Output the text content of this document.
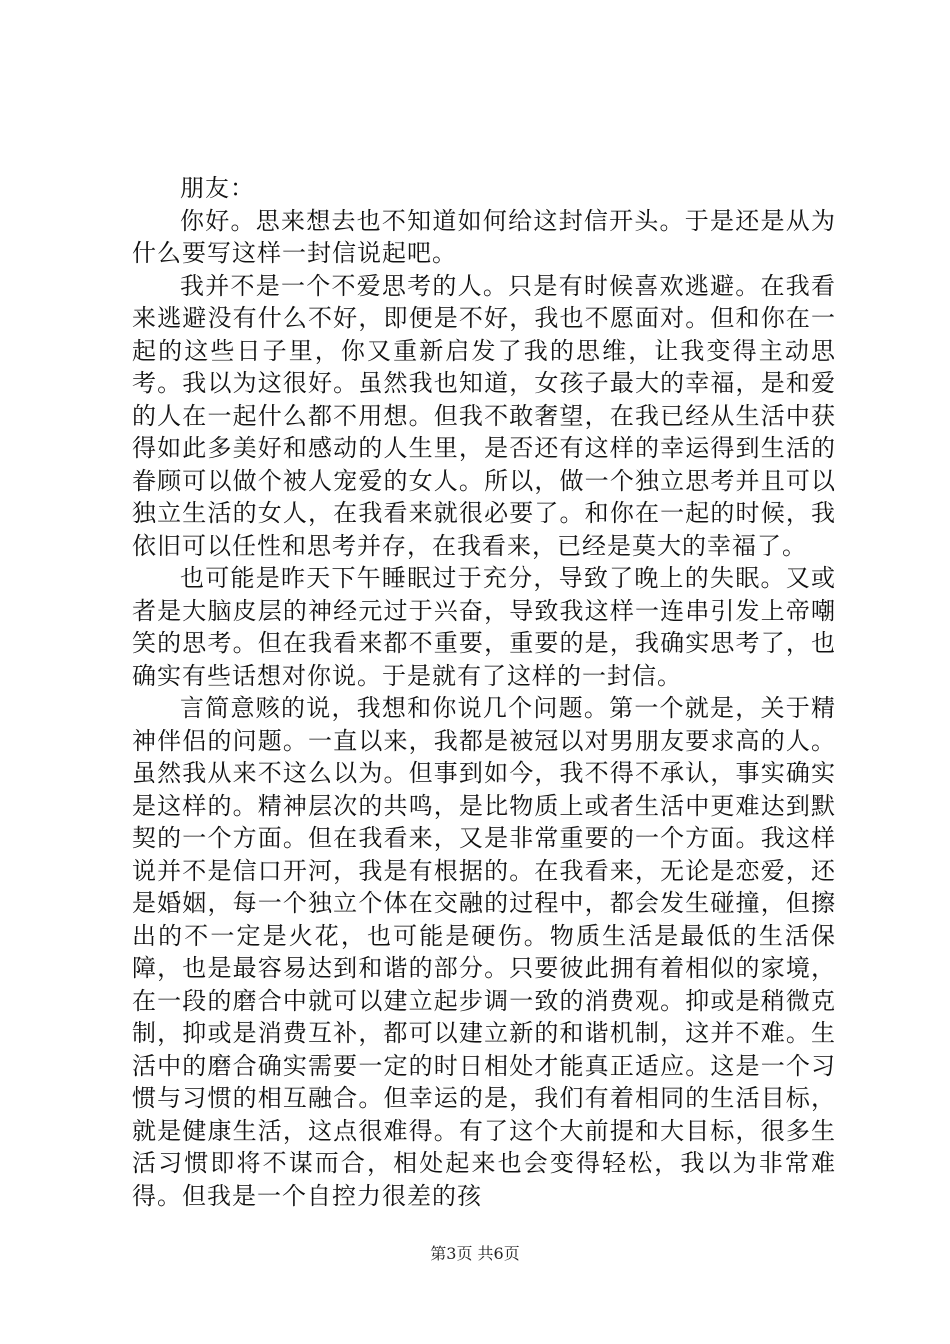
朋友：

你好。思来想去也不知道如何给这封信开头。于是还是从为什么要写这样一封信说起吧。

我并不是一个不爱思考的人。只是有时候喜欢逃避。在我看来逃避没有什么不好，即便是不好，我也不愿面对。但和你在一起的这些日子里，你又重新启发了我的思维，让我变得主动思考。我以为这很好。虽然我也知道，女孩子最大的幸福，是和爱的人在一起什么都不用想。但我不敢奢望，在我已经从生活中获得如此多美好和感动的人生里，是否还有这样的幸运得到生活的眷顾可以做个被人宠爱的女人。所以，做一个独立思考并且可以独立生活的女人，在我看来就很必要了。和你在一起的时候，我依旧可以任性和思考并存，在我看来，已经是莫大的幸福了。

也可能是昨天下午睡眠过于充分，导致了晚上的失眠。又或者是大脑皮层的神经元过于兴奋，导致我这样一连串引发上帝嘲笑的思考。但在我看来都不重要，重要的是，我确实思考了，也确实有些话想对你说。于是就有了这样的一封信。

言简意赅的说，我想和你说几个问题。第一个就是，关于精神伴侣的问题。一直以来，我都是被冠以对男朋友要求高的人。虽然我从来不这么以为。但事到如今，我不得不承认，事实确实是这样的。精神层次的共鸣，是比物质上或者生活中更难达到默契的一个方面。但在我看来，又是非常重要的一个方面。我这样说并不是信口开河，我是有根据的。在我看来，无论是恋爱，还是婚姻，每一个独立个体在交融的过程中，都会发生碰撞，但擦出的不一定是火花，也可能是硬伤。物质生活是最低的生活保障，也是最容易达到和谐的部分。只要彼此拥有着相似的家境，在一段的磨合中就可以建立起步调一致的消费观。抑或是稍微克制，抑或是消费互补，都可以建立新的和谐机制，这并不难。生活中的磨合确实需要一定的时日相处才能真正适应。这是一个习惯与习惯的相互融合。但幸运的是，我们有着相同的生活目标，就是健康生活，这点很难得。有了这个大前提和大目标，很多生活习惯即将不谋而合，相处起来也会变得轻松，我以为非常难得。但我是一个自控力很差的孩

第3页 共6页
